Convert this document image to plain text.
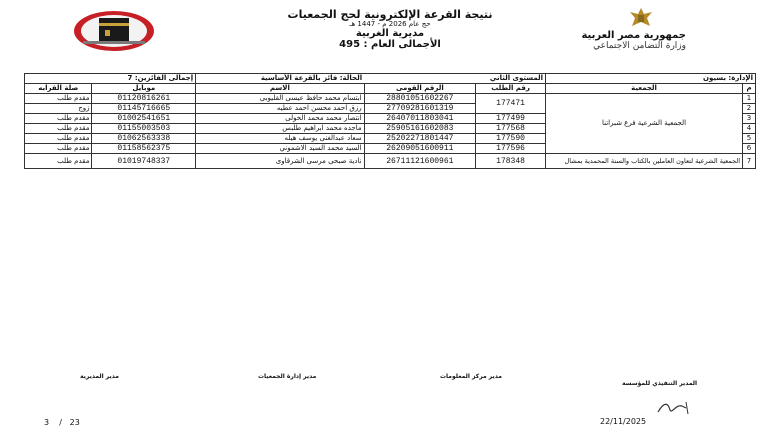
نتيجة القرعة الإلكترونية لحج الجمعيات
حج عام 2026 م - 1447 هـ
مديرية الغربية
الأجمالى العام : 495
جمهورية مصر العربية
وزارة التضامن الاجتماعي
الإدارة: بسيون		المستوى الثاني		الحالة: فائز بالقرعة الأساسية	إجمالى الفائزين: 7	
م	الجمعية	رقم الطلب	الرقم القومى	الاسم	موبايل	صلة القرابه
1	الجمعية الشرعية فرع شبراتنا	177471	28801051602267	ابتسام محمد حافظ عيسى القليوبى	01120816261	مقدم طلب
2			27709281601319	رزق احمد محسن احمد عطيه	01145716665	زوج
3		177499	26407011803041	انتصار محمد محمد الخولى	01002541651	مقدم طلب
4		177568	25905161602083	ماجده محمد ابراهيم طلبس	01155003503	مقدم طلب
5		177590	25202271801447	سعاد عبدالغنى يوسف هيله	01062563338	مقدم طلب
6		177596	26209051600911	السيد محمد السيد الاشموني	01158562375	مقدم طلب
7	الجمعية الشرعية لتعاون العاملين بالكتاب والسنة المحمدية بمشال	178348	26711121600961	نادية صبحى مرسى الشرقاوى	01019748337	مقدم طلب
مدير المديرية	مدير إدارة الجمعيات	مدير مركز المعلومات
المدير التنفيذي للمؤسسة
22/11/2025
3 / 23
